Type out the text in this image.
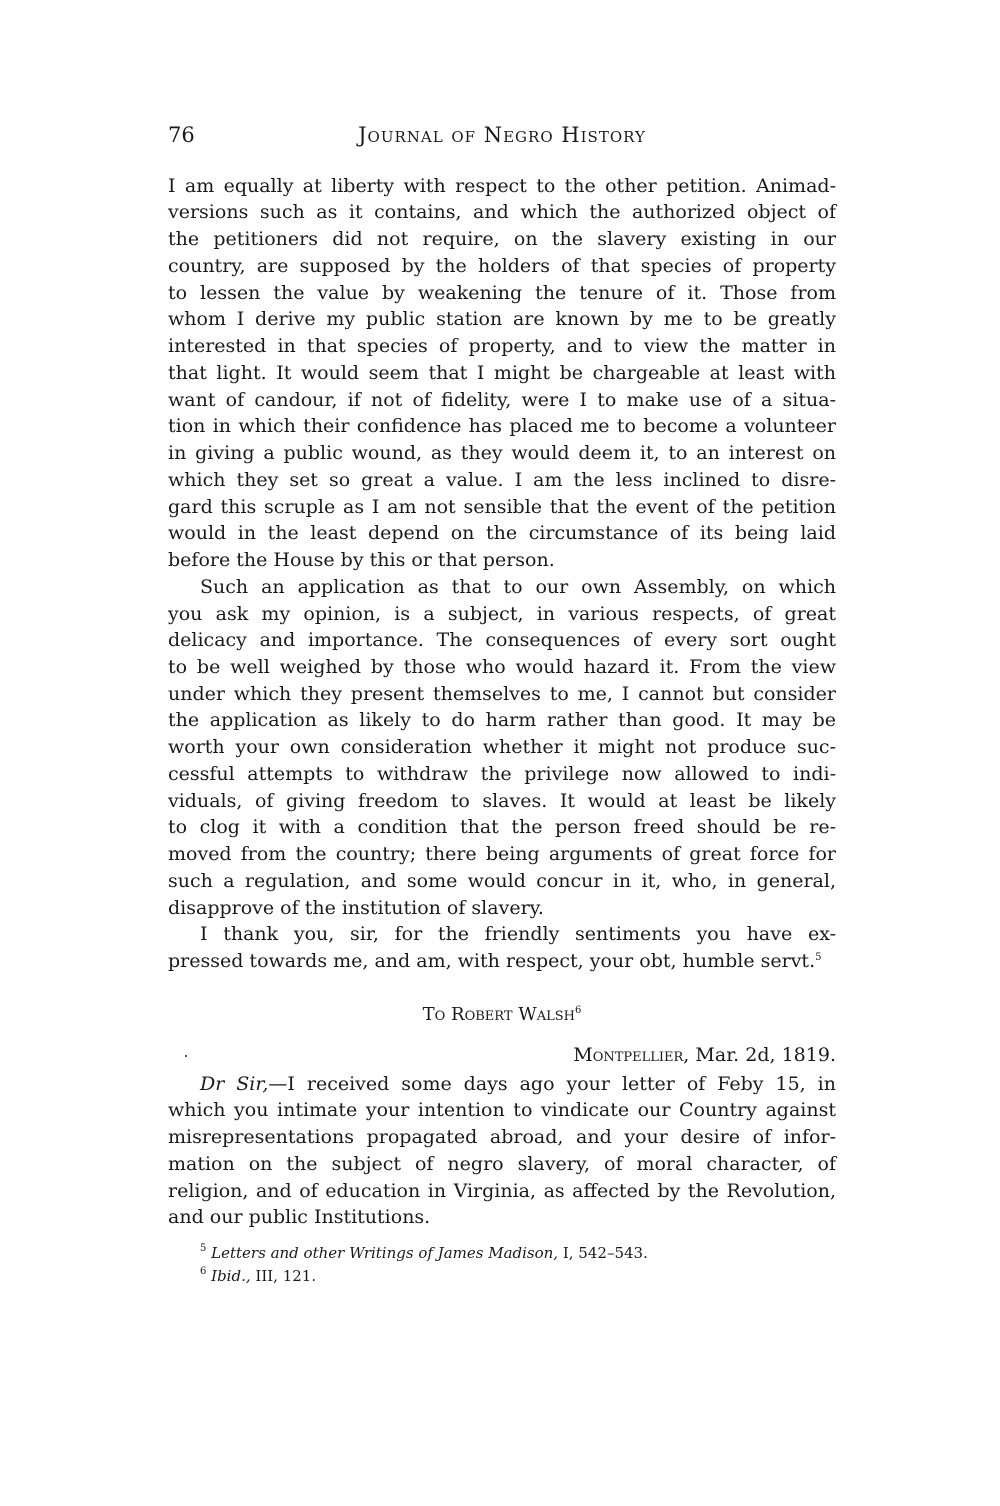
76	Journal of Negro History
I am equally at liberty with respect to the other petition. Animad-
versions such as it contains, and which the authorized object of
the petitioners did not require, on the slavery existing in our
country, are supposed by the holders of that species of property
to lessen the value by weakening the tenure of it. Those from
whom I derive my public station are known by me to be greatly
interested in that species of property, and to view the matter in
that light. It would seem that I might be chargeable at least with
want of candour, if not of fidelity, were I to make use of a situa-
tion in which their confidence has placed me to become a volunteer
in giving a public wound, as they would deem it, to an interest on
which they set so great a value. I am the less inclined to disre-
gard this scruple as I am not sensible that the event of the petition
would in the least depend on the circumstance of its being laid
before the House by this or that person.
Such an application as that to our own Assembly, on which
you ask my opinion, is a subject, in various respects, of great
delicacy and importance. The consequences of every sort ought
to be well weighed by those who would hazard it. From the view
under which they present themselves to me, I cannot but consider
the application as likely to do harm rather than good. It may be
worth your own consideration whether it might not produce suc-
cessful attempts to withdraw the privilege now allowed to indi-
viduals, of giving freedom to slaves. It would at least be likely
to clog it with a condition that the person freed should be re-
moved from the country; there being arguments of great force for
such a regulation, and some would concur in it, who, in general,
disapprove of the institution of slavery.
I thank you, sir, for the friendly sentiments you have ex-
pressed towards me, and am, with respect, your obt, humble servt.$^5$
To Robert Walsh$^6$
Montpellier, Mar. 2d, 1819.
Dr Sir,—I received some days ago your letter of Feby 15, in
which you intimate your intention to vindicate our Country against
misrepresentations propagated abroad, and your desire of infor-
mation on the subject of negro slavery, of moral character, of
religion, and of education in Virginia, as affected by the Revolution,
and our public Institutions.
$^5$ Letters and other Writings of James Madison, I, 542–543.
$^6$ Ibid., III, 121.
